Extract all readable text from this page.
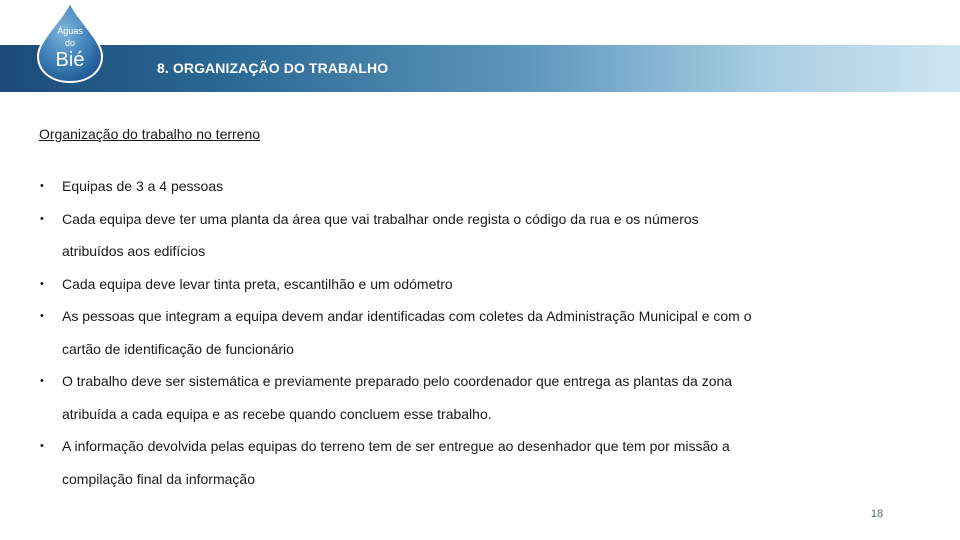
Águas
do
Bié	8. ORGANIZAÇÃO DO TRABALHO
Organização do trabalho no terreno
• Equipas de 3 a 4 pessoas
• Cada equipa deve ter uma planta da área que vai trabalhar onde regista o código da rua e os números atribuídos aos edifícios
• Cada equipa deve levar tinta preta, escantilhão e um odómetro
• As pessoas que integram a equipa devem andar identificadas com coletes da Administração Municipal e com o cartão de identificação de funcionário
• O trabalho deve ser sistemática e previamente preparado pelo coordenador que entrega as plantas da zona atribuída a cada equipa e as recebe quando concluem esse trabalho.
• A informação devolvida pelas equipas do terreno tem de ser entregue ao desenhador que tem por missão a compilação final da informação
18
